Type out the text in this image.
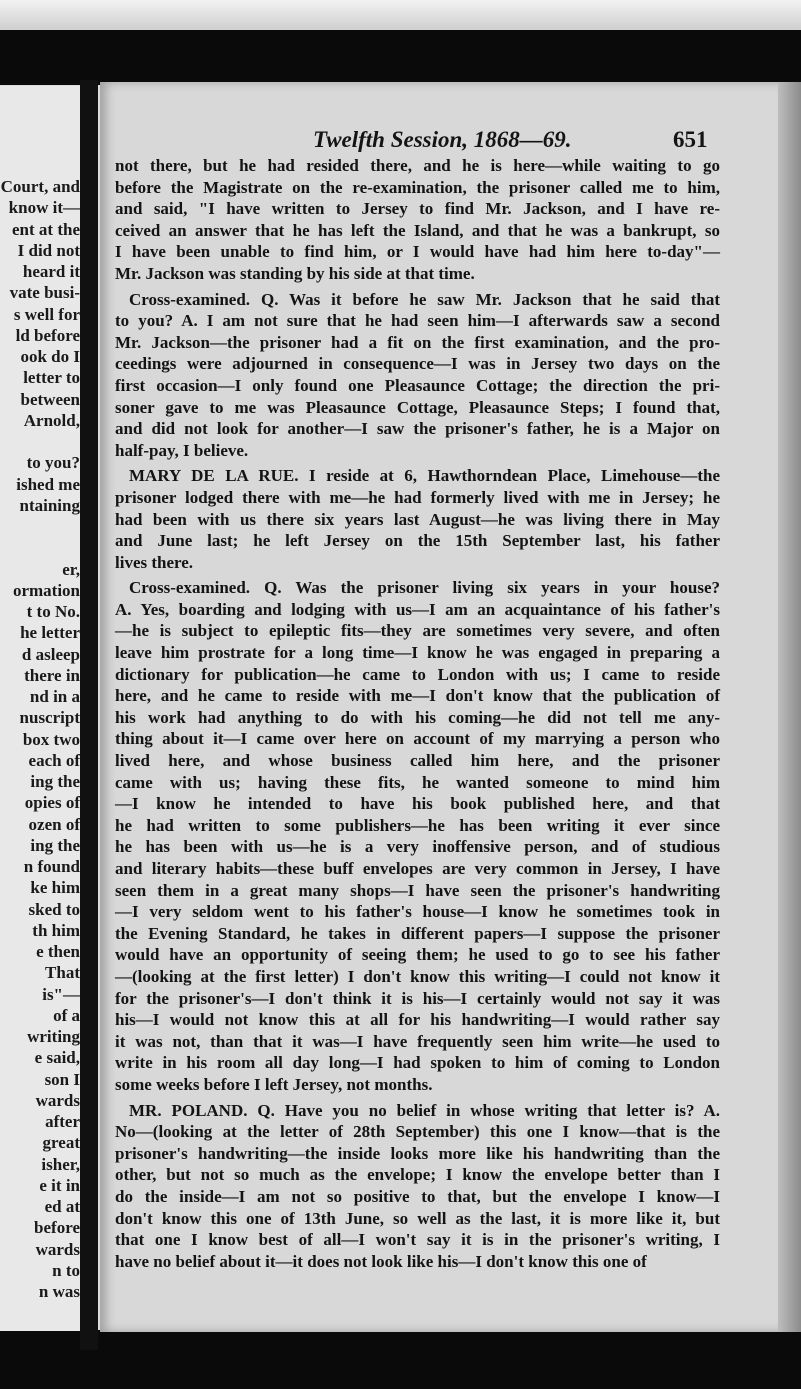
Court, and
know it—
ent at the
I did not
heard it
vate busi-
s well for
ld before
ook do I
letter to
between
Arnold,
to you?
ished me
ntaining
er,
ormation
t to No.
he letter
d asleep
there in
nd in a
nuscript
box two
each of
ing the
opies of
ozen of
ing the
n found
ke him
sked to
th him
e then
That
is"—
of a
writing
e said,
son I
wards
after
great
isher,
e it in
ed at
before
wards
n to
n was
Twelfth Session, 1868—69.	651
not there, but he had resided there, and he is here—while waiting to go
before the Magistrate on the re-examination, the prisoner called me to him,
and said, "I have written to Jersey to find Mr. Jackson, and I have re-
ceived an answer that he has left the Island, and that he was a bankrupt, so
I have been unable to find him, or I would have had him here to-day"—
Mr. Jackson was standing by his side at that time.
Cross-examined. Q. Was it before he saw Mr. Jackson that he said that
to you? A. I am not sure that he had seen him—I afterwards saw a second
Mr. Jackson—the prisoner had a fit on the first examination, and the pro-
ceedings were adjourned in consequence—I was in Jersey two days on the
first occasion—I only found one Pleasaunce Cottage; the direction the pri-
soner gave to me was Pleasaunce Cottage, Pleasaunce Steps; I found that,
and did not look for another—I saw the prisoner's father, he is a Major on
half-pay, I believe.
MARY DE LA RUE. I reside at 6, Hawthorndean Place, Limehouse—the
prisoner lodged there with me—he had formerly lived with me in Jersey; he
had been with us there six years last August—he was living there in May
and June last; he left Jersey on the 15th September last, his father
lives there.
Cross-examined. Q. Was the prisoner living six years in your house?
A. Yes, boarding and lodging with us—I am an acquaintance of his father's
—he is subject to epileptic fits—they are sometimes very severe, and often
leave him prostrate for a long time—I know he was engaged in preparing a
dictionary for publication—he came to London with us; I came to reside
here, and he came to reside with me—I don't know that the publication of
his work had anything to do with his coming—he did not tell me any-
thing about it—I came over here on account of my marrying a person who
lived here, and whose business called him here, and the prisoner
came with us; having these fits, he wanted someone to mind him
—I know he intended to have his book published here, and that
he had written to some publishers—he has been writing it ever since
he has been with us—he is a very inoffensive person, and of studious
and literary habits—these buff envelopes are very common in Jersey, I have
seen them in a great many shops—I have seen the prisoner's handwriting
—I very seldom went to his father's house—I know he sometimes took in
the Evening Standard, he takes in different papers—I suppose the prisoner
would have an opportunity of seeing them; he used to go to see his father
—(looking at the first letter) I don't know this writing—I could not know it
for the prisoner's—I don't think it is his—I certainly would not say it was
his—I would not know this at all for his handwriting—I would rather say
it was not, than that it was—I have frequently seen him write—he used to
write in his room all day long—I had spoken to him of coming to London
some weeks before I left Jersey, not months.
MR. POLAND. Q. Have you no belief in whose writing that letter is? A.
No—(looking at the letter of 28th September) this one I know—that is the
prisoner's handwriting—the inside looks more like his handwriting than the
other, but not so much as the envelope; I know the envelope better than I
do the inside—I am not so positive to that, but the envelope I know—I
don't know this one of 13th June, so well as the last, it is more like it, but
that one I know best of all—I won't say it is in the prisoner's writing, I
have no belief about it—it does not look like his—I don't know this one of
